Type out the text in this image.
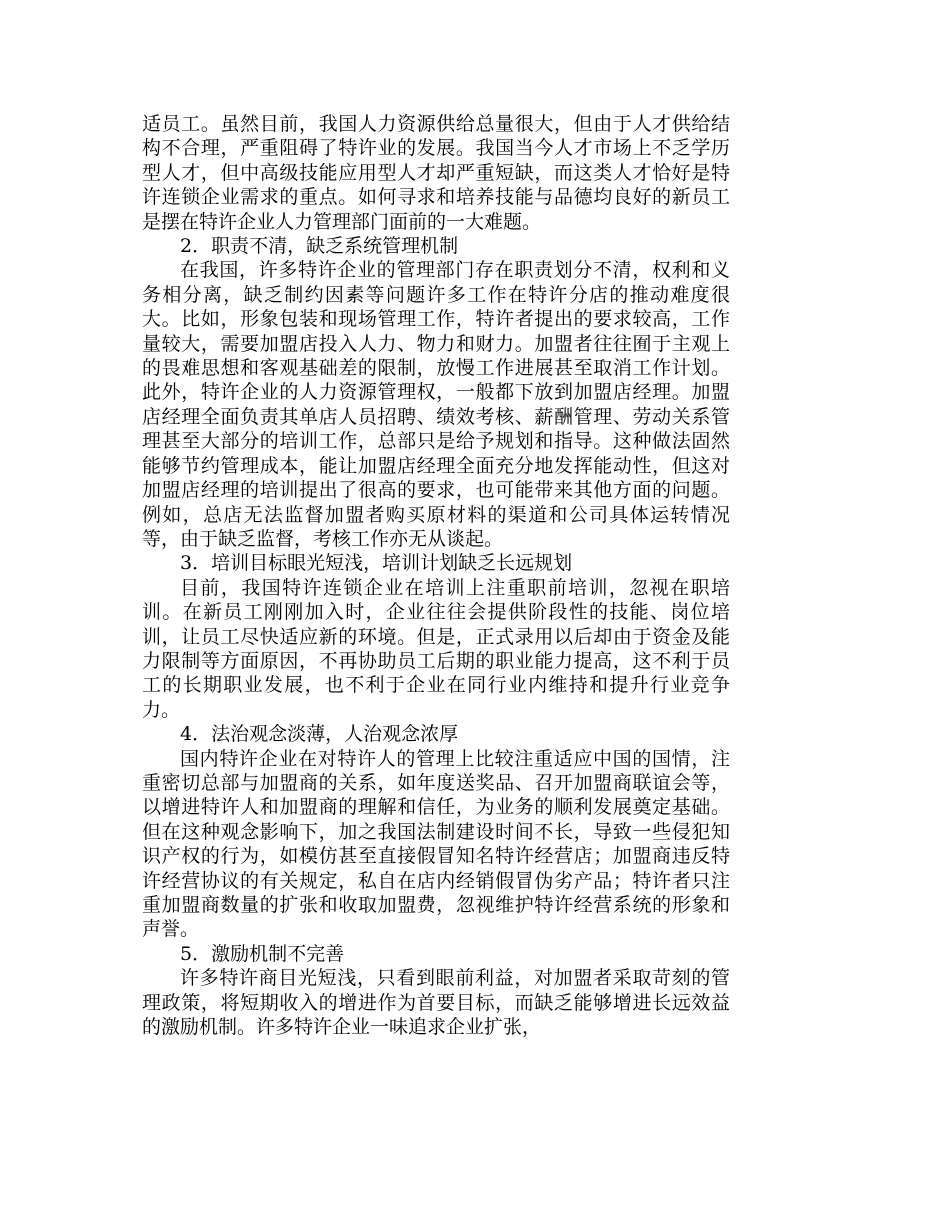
适员工。虽然目前，我国人力资源供给总量很大，但由于人才供给结构不合理，严重阻碍了特许业的发展。我国当今人才市场上不乏学历型人才，但中高级技能应用型人才却严重短缺，而这类人才恰好是特许连锁企业需求的重点。如何寻求和培养技能与品德均良好的新员工是摆在特许企业人力管理部门面前的一大难题。

2．职责不清，缺乏系统管理机制

在我国，许多特许企业的管理部门存在职责划分不清，权利和义务相分离，缺乏制约因素等问题许多工作在特许分店的推动难度很大。比如，形象包装和现场管理工作，特许者提出的要求较高，工作量较大，需要加盟店投入人力、物力和财力。加盟者往往囿于主观上的畏难思想和客观基础差的限制，放慢工作进展甚至取消工作计划。此外，特许企业的人力资源管理权，一般都下放到加盟店经理。加盟店经理全面负责其单店人员招聘、绩效考核、薪酬管理、劳动关系管理甚至大部分的培训工作，总部只是给予规划和指导。这种做法固然能够节约管理成本，能让加盟店经理全面充分地发挥能动性，但这对加盟店经理的培训提出了很高的要求，也可能带来其他方面的问题。例如，总店无法监督加盟者购买原材料的渠道和公司具体运转情况等，由于缺乏监督，考核工作亦无从谈起。

3．培训目标眼光短浅，培训计划缺乏长远规划

目前，我国特许连锁企业在培训上注重职前培训，忽视在职培训。在新员工刚刚加入时，企业往往会提供阶段性的技能、岗位培训，让员工尽快适应新的环境。但是，正式录用以后却由于资金及能力限制等方面原因，不再协助员工后期的职业能力提高，这不利于员工的长期职业发展，也不利于企业在同行业内维持和提升行业竞争力。

4．法治观念淡薄，人治观念浓厚

国内特许企业在对特许人的管理上比较注重适应中国的国情，注重密切总部与加盟商的关系，如年度送奖品、召开加盟商联谊会等，以增进特许人和加盟商的理解和信任，为业务的顺利发展奠定基础。但在这种观念影响下，加之我国法制建设时间不长，导致一些侵犯知识产权的行为，如模仿甚至直接假冒知名特许经营店；加盟商违反特许经营协议的有关规定，私自在店内经销假冒伪劣产品；特许者只注重加盟商数量的扩张和收取加盟费，忽视维护特许经营系统的形象和声誉。

5．激励机制不完善

许多特许商目光短浅，只看到眼前利益，对加盟者采取苛刻的管理政策，将短期收入的增进作为首要目标，而缺乏能够增进长远效益的激励机制。许多特许企业一味追求企业扩张，
